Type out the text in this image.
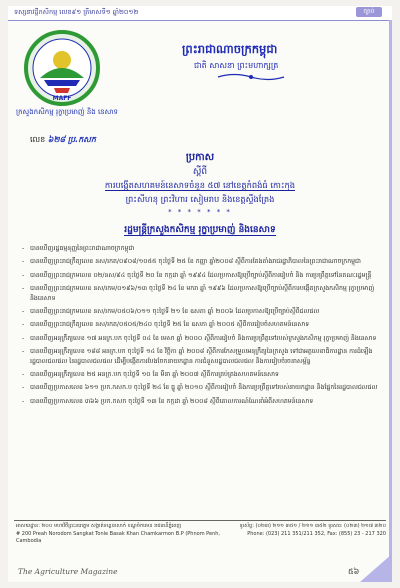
ទស្សនាវដ្តីកសិកម្ម លេខ៩១ ត្រីមាសទី១ ឆ្នាំ២០១២	ច្បាប់
MAFF
ក្រសួងកសិកម្ម រុក្ខាប្រមាញ់ និង នេសាទ
ព្រះរាជាណាចក្រកម្ពុជា
ជាតិ សាសនា ព្រះមហាក្សត្រ
លេខ ៦២៨ ប្រ.កសក
ប្រកាស
ស្តីពី
ការបង្កើតសហគមន៍នេសាទចំនួន ៥៧ នៅខេត្តកំពង់ធំ កោះកុង
ព្រះសីហនុ ព្រះវិហារ សៀមរាប និងខេត្តស្ទឹងត្រែង
* * * * * * *
រដ្ឋមន្ត្រីក្រសួងកសិកម្ម រុក្ខាប្រមាញ់ និងនេសាទ
- បានឃើញរដ្ឋធម្មនុញ្ញនៃព្រះរាជាណាចក្រកម្ពុជា
- បានឃើញព្រះរាជក្រឹត្យលេខ នស/រកត/០៩០៨/១០៥៥ ចុះថ្ងៃទី ២៥ ខែ កញ្ញា ឆ្នាំ២០០៨ ស្តីពីការតែងតាំងរាជរដ្ឋាភិបាលនៃព្រះរាជាណាចក្រកម្ពុជា
- បានឃើញព្រះរាជក្រមលេខ ០២/នស/៩៤ ចុះថ្ងៃទី ២០ ខែ កក្កដា ឆ្នាំ ១៩៩៤ ដែលប្រកាសឱ្យប្រើច្បាប់ស្តីពីការរៀបចំ និង ការប្រព្រឹត្តទៅនៃគណៈរដ្ឋមន្ត្រី
- បានឃើញព្រះរាជក្រមលេខ នស/រកម/០១៩៦/១៣ ចុះថ្ងៃទី ២៤ ខែ មករា ឆ្នាំ ១៩៩៦ ដែលប្រកាសឱ្យប្រើច្បាប់ស្តីពីការបង្កើតក្រសួងកសិកម្ម រុក្ខាប្រមាញ់ និងនេសាទ
- បានឃើញព្រះរាជក្រមលេខ នស/រកម/០៥០៦/០១១ ចុះថ្ងៃទី ២១ ខែ ឧសភា ឆ្នាំ ២០០៦ ដែលប្រកាសឱ្យប្រើច្បាប់ស្តីពីជលផល
- បានឃើញព្រះរាជក្រឹត្យលេខ នស/រកត/០៥០៥/២៤០ ចុះថ្ងៃទី ២៥ ខែ ឧសភា ឆ្នាំ ២០០៥ ស្តីពីការរៀបចំសហគមន៍នេសាទ
- បានឃើញអនុក្រឹត្យលេខ ១៧ អនក្រ.បក ចុះថ្ងៃទី ០៤ ខែ មេសា ឆ្នាំ ២០០០ ស្តីពីការរៀបចំ និងការប្រព្រឹត្តទៅរបស់ក្រសួងកសិកម្ម រុក្ខាប្រមាញ់ និងនេសាទ
- បានឃើញអនុក្រឹត្យលេខ ១៨៨ អនក្រ.បក ចុះថ្ងៃទី ១៤ ខែ វិច្ឆិកា ឆ្នាំ ២០០៨ ស្តីពីការកែសម្រួលអនុក្រឹត្យនៃក្រសួង ទៅជាអគ្គលេខាធិការដ្ឋាន ការដំឡើងរដ្ឋបាលជលផល នៃរដ្ឋបាលជលផល ដើម្បីបង្កើតការបែងចែកនាយកដ្ឋាន ការជំនួសរដ្ឋបាលជលផល និងការរៀបចំរចនាសម្ព័ន្ធ
- បានឃើញអនុក្រឹត្យលេខ ២៥ អនក្រ.បក ចុះថ្ងៃទី ១០ ខែ មីនា ឆ្នាំ ២០០៧ ស្តីពីការគ្រប់គ្រងសហគមន៍នេសាទ
- បានឃើញប្រកាសលេខ ៦១១ ប្រក.កសក.ប ចុះថ្ងៃទី ២៤ ខែ ធ្នូ ឆ្នាំ ២០១០ ស្តីពីការរៀបចំ និងការប្រព្រឹត្តទៅរបស់នាយកដ្ឋាន និងផ្នែកនៃរដ្ឋបាលជលផល
- បានឃើញប្រកាសលេខ ៣៦៦ ប្រក.កសក ចុះថ្ងៃទី ១៣ ខែ កក្កដា ឆ្នាំ ២០០៨ ស្តីពីគោលការណ៍ណែនាំអំពីសហគមន៍នេសាទ
អាសយដ្ឋាន: ២០០ មហាវិថីព្រះនរោត្តម សង្កាត់ទន្លេបាសាក់ ខណ្ឌចំការមន រាជធានីភ្នំពេញ
# 200 Preah Norodom Sangkat Tonle Basak Khan Chamkarmon B.P (Phnom Penh, Cambodia
ទូរស័ព្ទ: (០២៣) ២១១ ៣៥១ / ២១១ ៣៥២ ទូរសារ: (០២៣) ២១៧ ៣២០
Phone: (023) 211 351/211 352, Fax: (855) 23 - 217 320
The Agriculture Magazine	៥៦
